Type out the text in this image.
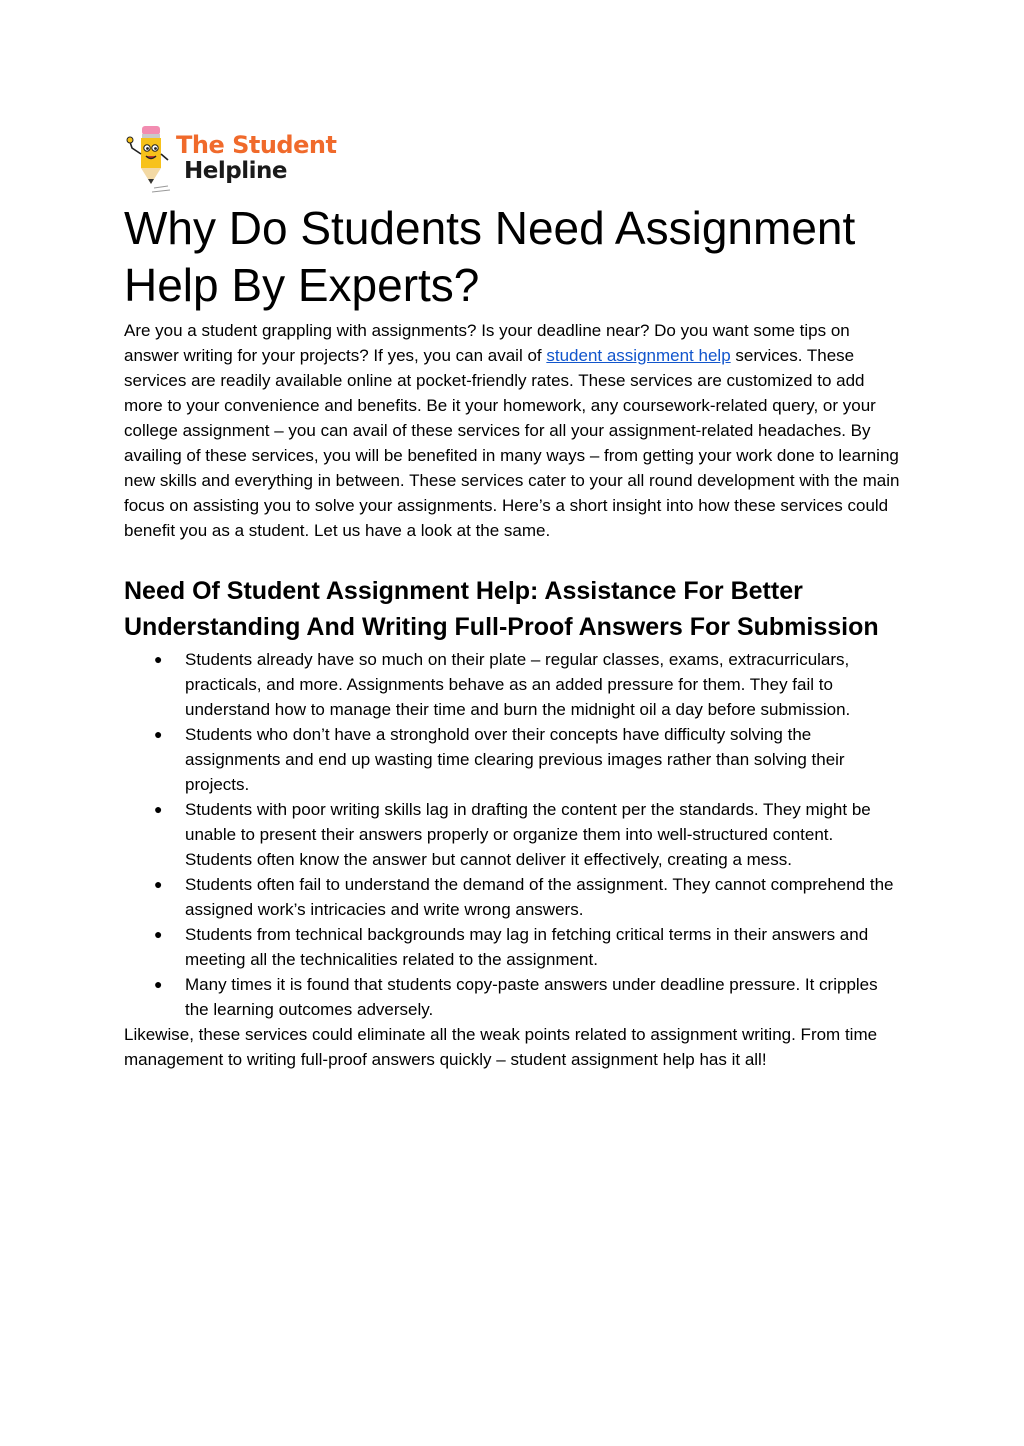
The Student
Helpline
Why Do Students Need Assignment Help By Experts?

Are you a student grappling with assignments? Is your deadline near? Do you want some tips on answer writing for your projects? If yes, you can avail of student assignment help services. These services are readily available online at pocket-friendly rates. These services are customized to add more to your convenience and benefits. Be it your homework, any coursework-related query, or your college assignment – you can avail of these services for all your assignment-related headaches. By availing of these services, you will be benefited in many ways – from getting your work done to learning new skills and everything in between. These services cater to your all round development with the main focus on assisting you to solve your assignments. Here’s a short insight into how these services could benefit you as a student. Let us have a look at the same.

Need Of Student Assignment Help: Assistance For Better Understanding And Writing Full-Proof Answers For Submission
● Students already have so much on their plate – regular classes, exams, extracurriculars, practicals, and more. Assignments behave as an added pressure for them. They fail to understand how to manage their time and burn the midnight oil a day before submission.
● Students who don’t have a stronghold over their concepts have difficulty solving the assignments and end up wasting time clearing previous images rather than solving their projects.
● Students with poor writing skills lag in drafting the content per the standards. They might be unable to present their answers properly or organize them into well-structured content. Students often know the answer but cannot deliver it effectively, creating a mess.
● Students often fail to understand the demand of the assignment. They cannot comprehend the assigned work’s intricacies and write wrong answers.
● Students from technical backgrounds may lag in fetching critical terms in their answers and meeting all the technicalities related to the assignment.
● Many times it is found that students copy-paste answers under deadline pressure. It cripples the learning outcomes adversely.

Likewise, these services could eliminate all the weak points related to assignment writing. From time management to writing full-proof answers quickly – student assignment help has it all!
